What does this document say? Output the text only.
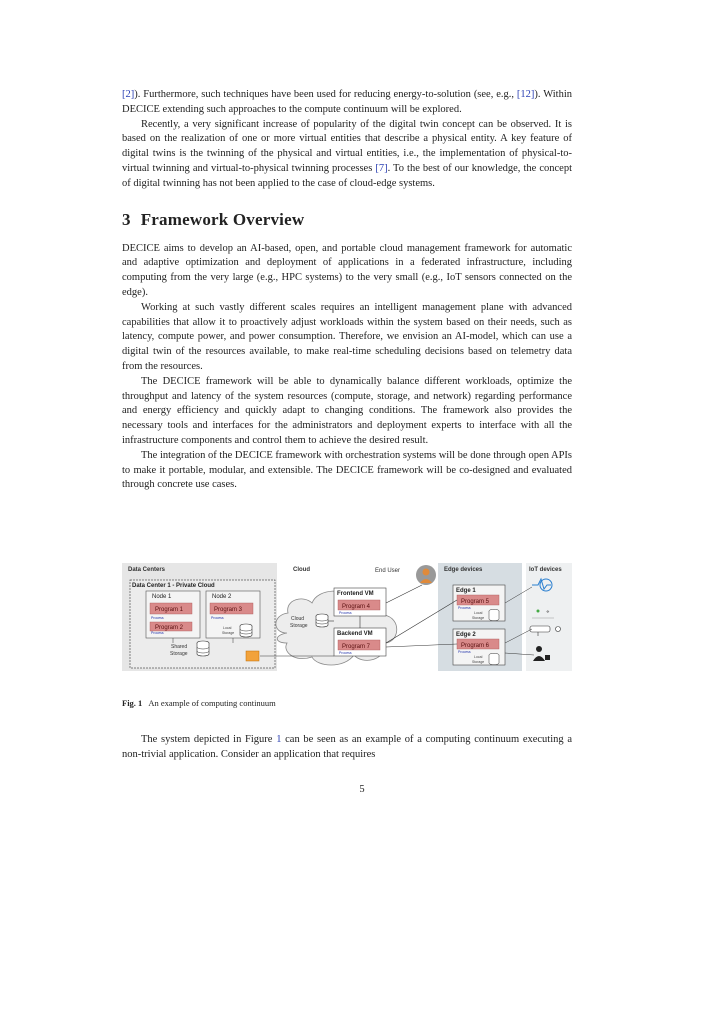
[2]). Furthermore, such techniques have been used for reducing energy-to-solution (see, e.g., [12]). Within DECICE extending such approaches to the compute continuum will be explored.

Recently, a very significant increase of popularity of the digital twin concept can be observed. It is based on the realization of one or more virtual entities that describe a physical entity. A key feature of digital twins is the twinning of the physical and virtual entities, i.e., the implementation of physical-to-virtual twinning and virtual-to-physical twinning processes [7]. To the best of our knowledge, the concept of digital twinning has not been applied to the case of cloud-edge systems.

3 Framework Overview

DECICE aims to develop an AI-based, open, and portable cloud management framework for automatic and adaptive optimization and deployment of applications in a federated infrastructure, including computing from the very large (e.g., HPC systems) to the very small (e.g., IoT sensors connected on the edge).

Working at such vastly different scales requires an intelligent management plane with advanced capabilities that allow it to proactively adjust workloads within the system based on their needs, such as latency, compute power, and power consumption. Therefore, we envision an AI-model, which can use a digital twin of the resources available, to make real-time scheduling decisions based on telemetry data from the resources.

The DECICE framework will be able to dynamically balance different workloads, optimize the throughput and latency of the system resources (compute, storage, and network) regarding performance and energy efficiency and quickly adapt to changing conditions. The framework also provides the necessary tools and interfaces for the administrators and deployment experts to interface with all the infrastructure components and control them to achieve the desired result.

The integration of the DECICE framework with orchestration systems will be done through open APIs to make it portable, modular, and extensible. The DECICE framework will be co-designed and evaluated through concrete use cases.

Data Centers
Data Center 1 - Private Cloud
Node 1
Program 1
Process
Program 2
Process
Node 2
Program 3
Process
Local
Storage
Shared
Storage
Cloud
Cloud
Storage
Frontend VM
Program 4
Process
Backend VM
Program 7
Process
End User	Edge devices
Edge 1
Program 5
Process
Local
Storage
Edge 2
Program 6
Process
Local
Storage
IoT devices
❖
Fig. 1 An example of computing continuum

The system depicted in Figure 1 can be seen as an example of a computing continuum executing a non-trivial application. Consider an application that requires

5
